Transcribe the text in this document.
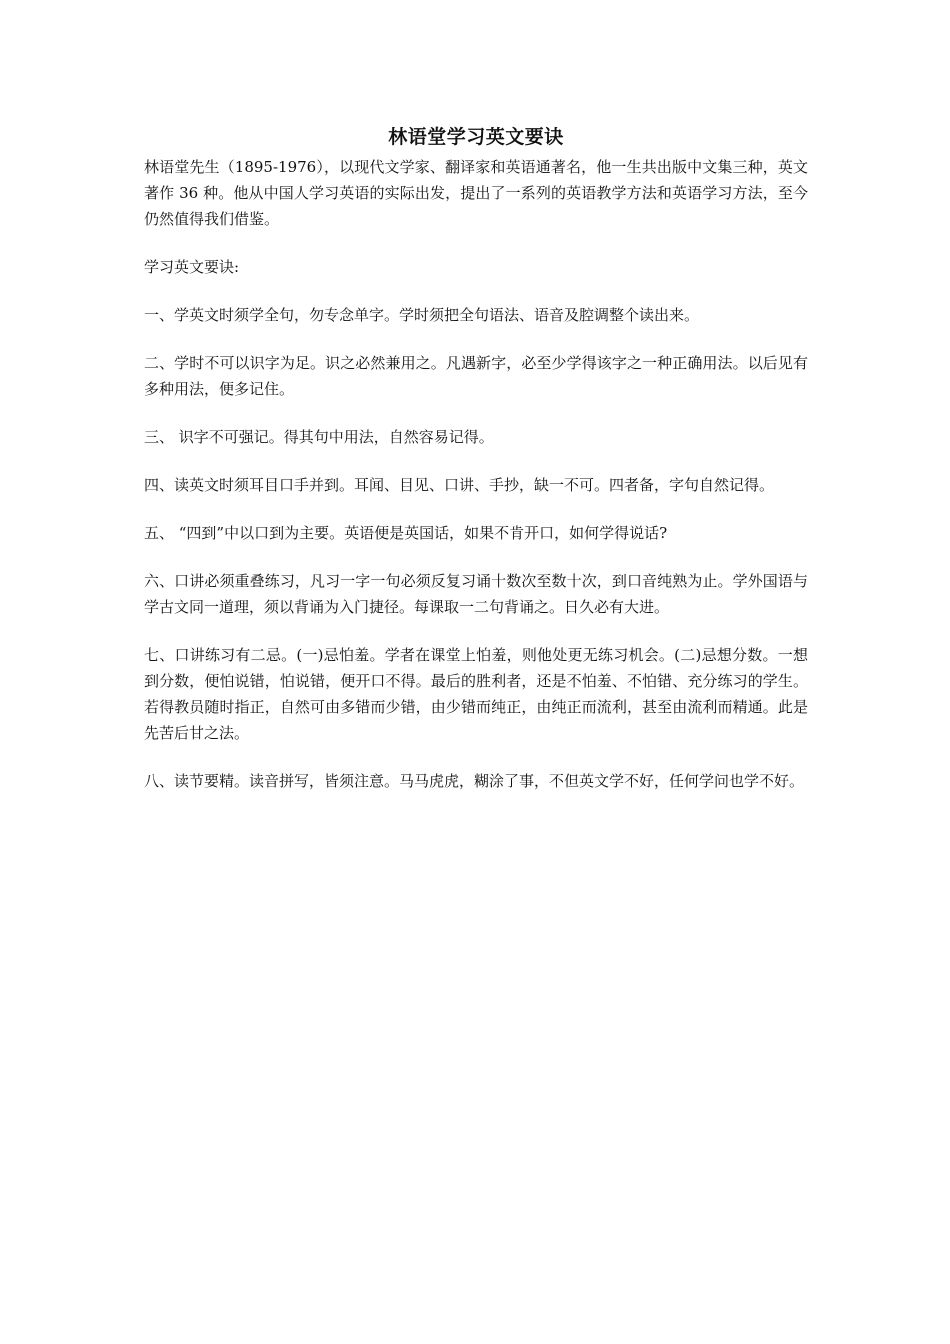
林语堂学习英文要诀

林语堂先生（1895-1976），以现代文学家、翻译家和英语通著名，他一生共出版中文集三种，英文著作 36 种。他从中国人学习英语的实际出发，提出了一系列的英语教学方法和英语学习方法，至今仍然值得我们借鉴。

学习英文要诀:

一、学英文时须学全句，勿专念单字。学时须把全句语法、语音及腔调整个读出来。

二、学时不可以识字为足。识之必然兼用之。凡遇新字，必至少学得该字之一种正确用法。以后见有多种用法，便多记住。

三、 识字不可强记。得其句中用法，自然容易记得。

四、读英文时须耳目口手并到。耳闻、目见、口讲、手抄，缺一不可。四者备，字句自然记得。

五、 “四到”中以口到为主要。英语便是英国话，如果不肯开口，如何学得说话?

六、口讲必须重叠练习，凡习一字一句必须反复习诵十数次至数十次，到口音纯熟为止。学外国语与学古文同一道理，须以背诵为入门捷径。每课取一二句背诵之。日久必有大进。

七、口讲练习有二忌。(一)忌怕羞。学者在课堂上怕羞，则他处更无练习机会。(二)忌想分数。一想到分数，便怕说错，怕说错，便开口不得。最后的胜利者，还是不怕羞、不怕错、充分练习的学生。若得教员随时指正，自然可由多错而少错，由少错而纯正，由纯正而流利，甚至由流利而精通。此是先苦后甘之法。

八、读节要精。读音拼写，皆须注意。马马虎虎，糊涂了事，不但英文学不好，任何学问也学不好。
